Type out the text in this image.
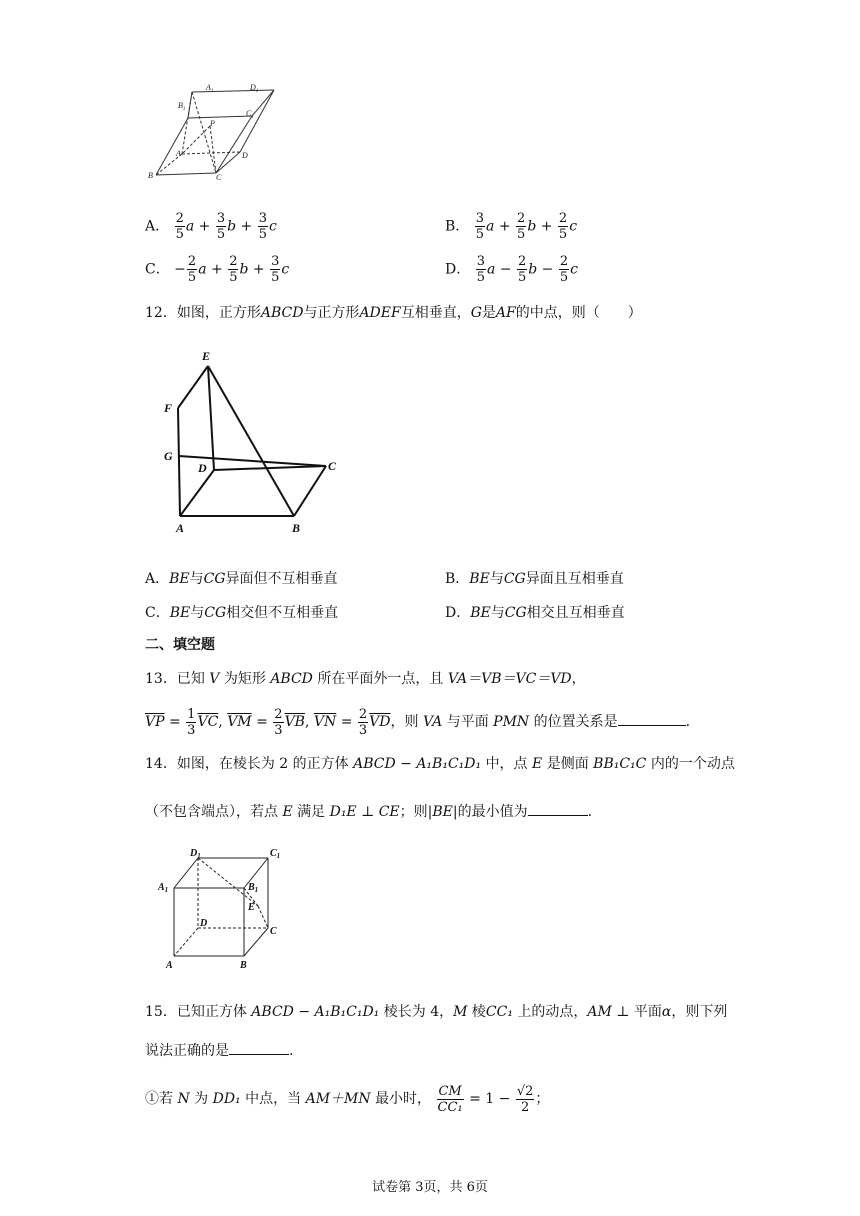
$A_1$	$D_1$
$B_1$	$C_1$
P
A	D
B	C
A． $\frac{2}{5}$ $a + \frac{3}{5}$ $b + \frac{3}{5}$ c	B． $\frac{3}{5}$ $a + \frac{2}{5}$ $b + \frac{2}{5}$ c
C． − $\frac{2}{5}$ $a + \frac{2}{5}$ $b + \frac{3}{5}$ c	D． $\frac{3}{5}$ $a - \frac{2}{5}$ $b - \frac{2}{5}$ c
12．如图，正方形ABCD与正方形ADEF互相垂直，G是AF的中点，则（　　）
E
F
G
D	C
A	B
A．BE与CG异面但不互相垂直	B．BE与CG异面且互相垂直
C．BE与CG相交但不互相垂直	D．BE与CG相交且互相垂直
二、填空题
13．已知 V 为矩形 ABCD 所在平面外一点，且 VA＝VB＝VC＝VD，
$\overline{VP} = \frac{1}{3} \overline{VC}$, $\overline{VM} = \frac{2}{3} \overline{VB}$, $\overline{VN} = \frac{2}{3} \overline{VD}$，则 VA 与平面 PMN 的位置关系是	.
14．如图，在棱长为 2 的正方体 ABCD − A₁B₁C₁D₁ 中，点 E 是侧面 BB₁C₁C 内的一个动点
（不包含端点），若点 E 满足 D₁E ⊥ CE；则|BE|的最小值为	.
$D_1$	$C_1$
$A_1$	$B_1$
E
D
C
A	B
15．已知正方体 ABCD − A₁B₁C₁D₁ 棱长为 4，M 棱CC₁ 上的动点，AM ⊥ 平面α，则下列
说法正确的是	.
①若 N 为 DD₁ 中点，当 AM＋MN 最小时， $\frac{CM}{\text{CC₁}} = 1 - \frac{√2}{2}$ ；
试卷第 3页，共 6页
